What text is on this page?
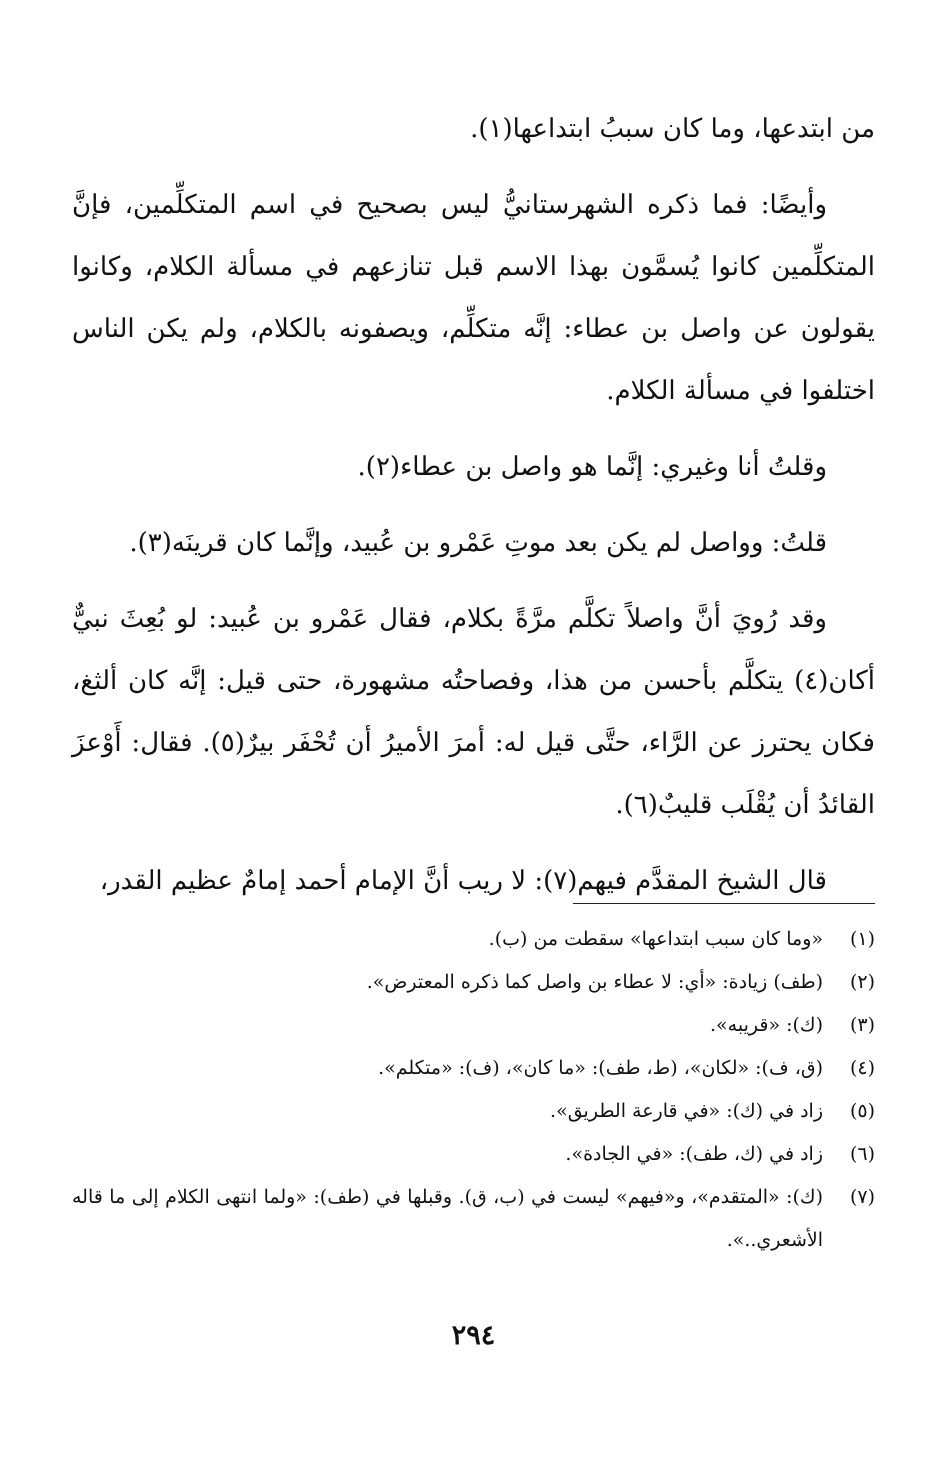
من ابتدعها، وما كان سببُ ابتداعها(١).

وأيضًا: فما ذكره الشهرستانيُّ ليس بصحيح في اسم المتكلِّمين، فإنَّ المتكلِّمين كانوا يُسمَّون بهذا الاسم قبل تنازعهم في مسألة الكلام، وكانوا يقولون عن واصل بن عطاء: إنَّه متكلِّم، ويصفونه بالكلام، ولم يكن الناس اختلفوا في مسألة الكلام.

وقلتُ أنا وغيري: إنَّما هو واصل بن عطاء(٢).

قلتُ: وواصل لم يكن بعد موتِ عَمْرو بن عُبيد، وإنَّما كان قرينَه(٣).

وقد رُويَ أنَّ واصلاً تكلَّم مرَّةً بكلام، فقال عَمْرو بن عُبيد: لو بُعِثَ نبيٌّ أكان(٤) يتكلَّم بأحسن من هذا، وفصاحتُه مشهورة، حتى قيل: إنَّه كان ألثغ، فكان يحترز عن الرَّاء، حتَّى قيل له: أمرَ الأميرُ أن تُحْفَر بيرٌ(٥). فقال: أَوْعزَ القائدُ أن يُقْلَب قليبٌ(٦).

قال الشيخ المقدَّم فيهم(٧): لا ريب أنَّ الإمام أحمد إمامٌ عظيم القدر،

(١)
«وما كان سبب ابتداعها» سقطت من (ب).
(٢)
(طف) زيادة: «أي: لا عطاء بن واصل كما ذكره المعترض».
(٣)
(ك): «قريبه».
(٤)
(ق، ف): «لكان»، (ط، طف): «ما كان»، (ف): «متكلم».
(٥)
زاد في (ك): «في قارعة الطريق».
(٦)
زاد في (ك، طف): «في الجادة».
(٧)
(ك): «المتقدم»، و«فيهم» ليست في (ب، ق). وقبلها في (طف): «ولما انتهى الكلام إلى ما قاله الأشعري..».
٢٩٤
